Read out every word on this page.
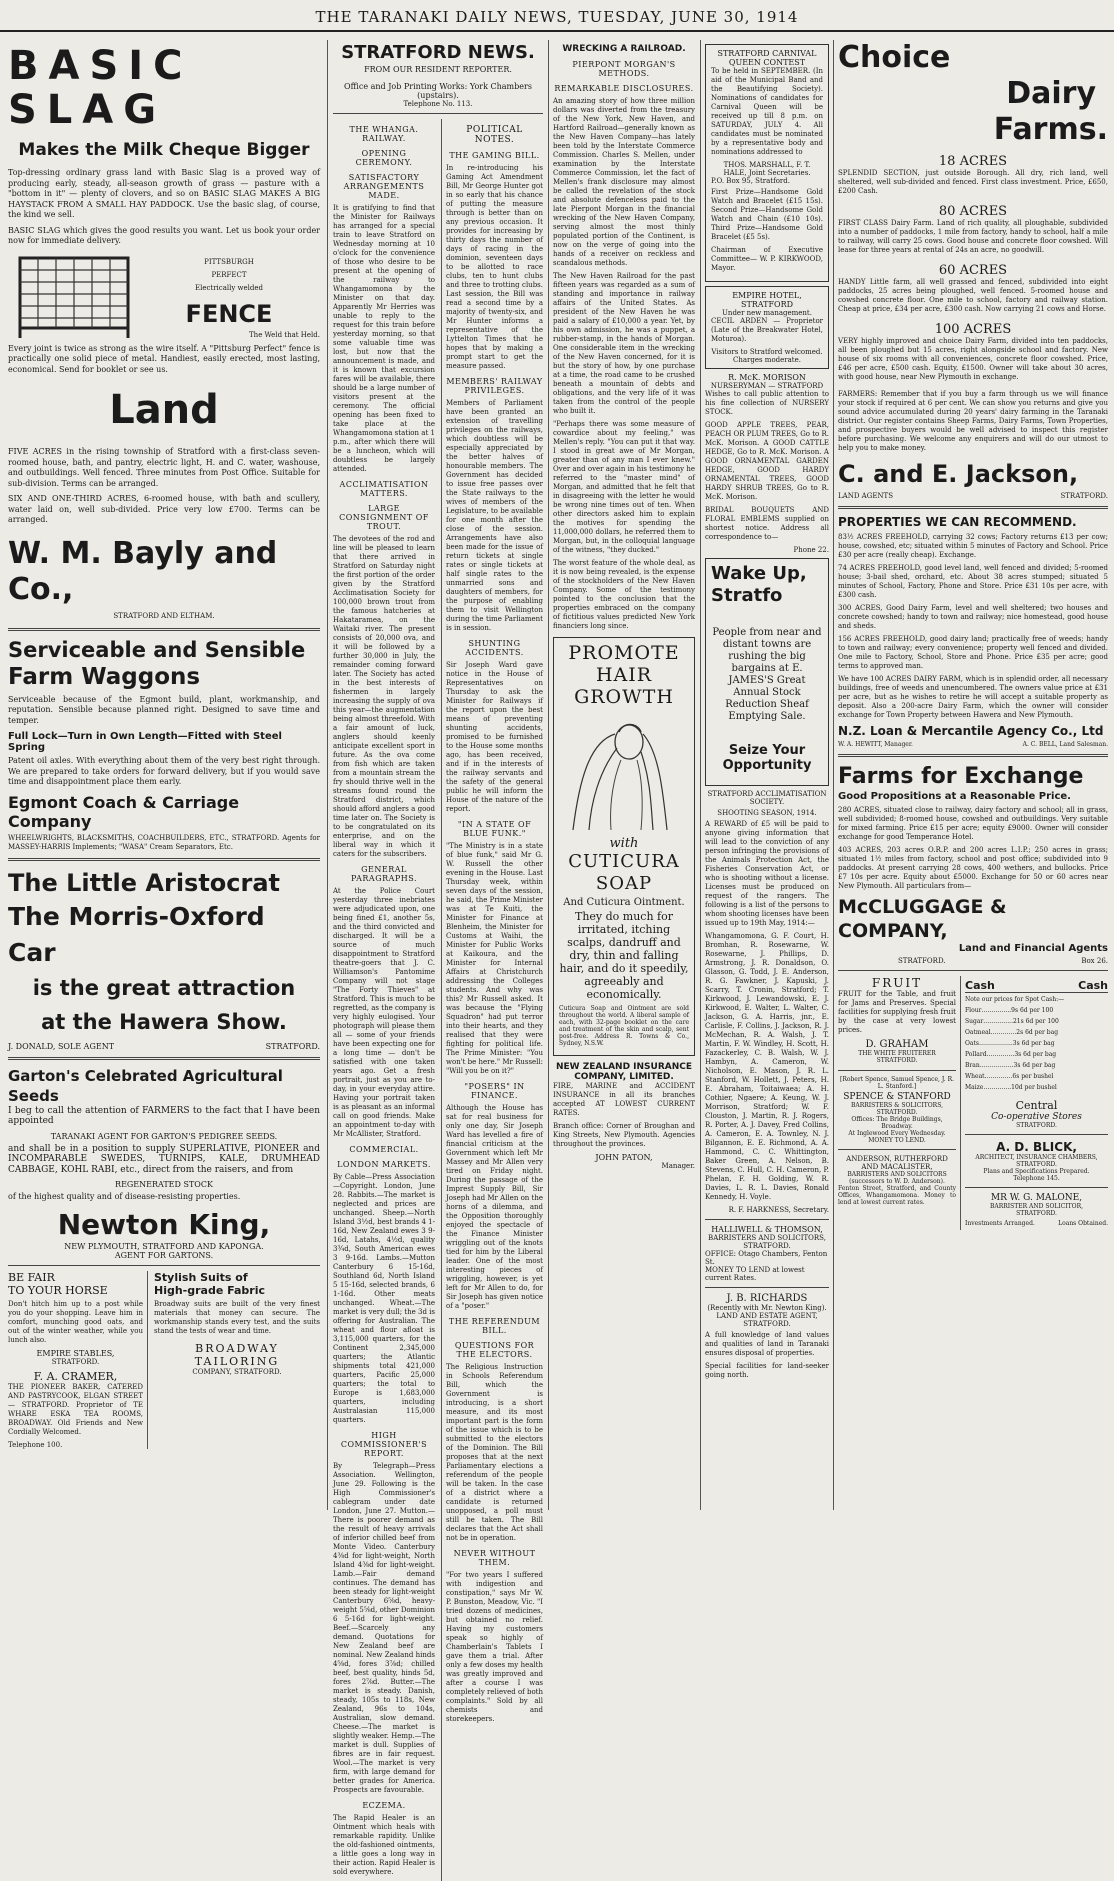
THE TARANAKI DAILY NEWS, TUESDAY, JUNE 30, 1914
BASIC SLAG
Makes the Milk Cheque Bigger

Top-dressing ordinary grass land with Basic Slag is a proved way of producing early, steady, all-season growth of grass — pasture with a "bottom in it" — plenty of clovers, and so on BASIC SLAG MAKES A BIG HAYSTACK FROM A SMALL HAY PADDOCK. Use the basic slag, of course, the kind we sell.

BASIC SLAG which gives the good results you want. Let us book your order now for immediate delivery.

PITTSBURGH
PERFECT
Electrically welded
FENCE
The Weld that Held.

Every joint is twice as strong as the wire itself. A "Pittsburg Perfect" fence is practically one solid piece of metal. Handiest, easily erected, most lasting, economical. Send for booklet or see us.

Land

FIVE ACRES in the rising township of Stratford with a first-class seven-roomed house, bath, and pantry, electric light, H. and C. water, washouse, and outbuildings. Well fenced. Three minutes from Post Office. Suitable for sub-division. Terms can be arranged.

SIX AND ONE-THIRD ACRES, 6-roomed house, with bath and scullery, water laid on, well sub-divided. Price very low £700. Terms can be arranged.

W. M. Bayly and Co.,
STRATFORD AND ELTHAM.
Serviceable and Sensible
Farm Waggons

Serviceable because of the Egmont build, plant, workmanship, and reputation. Sensible because planned right. Designed to save time and temper.

Full Lock—Turn in Own Length—Fitted with Steel Spring

Patent oil axles. With everything about them of the very best right through. We are prepared to take orders for forward delivery, but if you would save time and disappointment place them early.

Egmont Coach & Carriage Company

WHEELWRIGHTS, BLACKSMITHS, COACHBUILDERS, ETC., STRATFORD. Agents for MASSEY-HARRIS Implements; "WASA" Cream Separators, Etc.

The Little Aristocrat
The Morris-Oxford Car
is the great attraction
at the Hawera Show.
J. DONALD, SOLE AGENT	STRATFORD.
Garton's Celebrated Agricultural Seeds

I beg to call the attention of FARMERS to the fact that I have been appointed

TARANAKI AGENT FOR GARTON'S PEDIGREE SEEDS.

and shall be in a position to supply SUPERLATIVE, PIONEER and INCOMPARABLE SWEDES, TURNIPS, KALE, DRUMHEAD CABBAGE, KOHL RABI, etc., direct from the raisers, and from

REGENERATED STOCK

of the highest quality and of disease-resisting properties.

Newton King,
NEW PLYMOUTH, STRATFORD AND KAPONGA.
AGENT FOR GARTONS.
BE FAIR
TO YOUR HORSE

Don't hitch him up to a post while you do your shopping. Leave him in comfort, munching good oats, and out of the winter weather, while you lunch also.

EMPIRE STABLES,
STRATFORD.
F. A. CRAMER,

THE PIONEER BAKER, CATERED AND PASTRYCOOK, ELGAN STREET — STRATFORD. Proprietor of TE WHARE ESKA TEA ROOMS, BROADWAY. Old Friends and New Cordially Welcomed.

Telephone 100.
Stylish Suits of
High-grade Fabric

Broadway suits are built of the very finest materials that money can secure. The workmanship stands every test, and the suits stand the tests of wear and time.

BROADWAY
TAILORING
COMPANY, STRATFORD.
STRATFORD NEWS.
FROM OUR RESIDENT REPORTER.
Office and Job Printing Works: York Chambers (upstairs).
Telephone No. 113.
THE WHANGA. RAILWAY.
OPENING CEREMONY.
SATISFACTORY ARRANGEMENTS MADE.

It is gratifying to find that the Minister for Railways has arranged for a special train to leave Stratford on Wednesday morning at 10 o'clock for the convenience of those who desire to be present at the opening of the railway to Whangamomona by the Minister on that day. Apparently Mr Herries was unable to reply to the request for this train before yesterday morning, so that some valuable time was lost, but now that the announcement is made, and it is known that excursion fares will be available, there should be a large number of visitors present at the ceremony. The official opening has been fixed to take place at the Whangamomona station at 1 p.m., after which there will be a luncheon, which will doubtless be largely attended.

ACCLIMATISATION MATTERS.
LARGE CONSIGNMENT OF TROUT.

The devotees of the rod and line will be pleased to learn that there arrived in Stratford on Saturday night the first portion of the order given by the Stratford Acclimatisation Society for 100,000 brown trout from the famous hatcheries at Hakataramea, on the Waitaki river. The present consists of 20,000 ova, and it will be followed by a further 30,000 in July, the remainder coming forward later. The Society has acted in the best interests of fishermen in largely increasing the supply of ova this year—the augmentation being almost threefold. With a fair amount of luck, anglers should keenly anticipate excellent sport in future. As the ova come from fish which are taken from a mountain stream the fry should thrive well in the streams found round the Stratford district, which should afford anglers a good time later on. The Society is to be congratulated on its enterprise, and on the liberal way in which it caters for the subscribers.

GENERAL PARAGRAPHS.

At the Police Court yesterday three inebriates were adjudicated upon, one being fined £1, another 5s, and the third convicted and discharged. It will be a source of much disappointment to Stratford theatre-goers that J. C. Williamson's Pantomime Company will not stage "The Forty Thieves" at Stratford. This is much to be regretted, as the company is very highly eulogised. Your photograph will please them all — some of your friends have been expecting one for a long time — don't be satisfied with one taken years ago. Get a fresh portrait, just as you are to-day, in your everyday attire. Having your portrait taken is as pleasant as an informal call on good friends. Make an appointment to-day with Mr McAllister, Stratford.

COMMERCIAL.
LONDON MARKETS.

By Cable—Press Association—Copyright. London, June 28. Rabbits.—The market is neglected and prices are unchanged. Sheep.—North Island 3½d, best brands 4 1-16d, New Zealand ewes 3 9-16d, Latahs, 4½d, quality 3¾d, South American ewes 3 9-16d. Lambs.—Mutton Canterbury 6 15-16d, Southland 6d, North Island 5 15-16d, selected brands, 6 1-16d. Other meats unchanged. Wheat.—The market is very dull; the 3d is offering for Australian. The wheat and flour afloat is 3,115,000 quarters, for the Continent 2,345,000 quarters; the Atlantic shipments total 421,000 quarters, Pacific 25,000 quarters; the total to Europe is 1,683,000 quarters, including Australasian 115,000 quarters.

HIGH COMMISSIONER'S REPORT.

By Telegraph—Press Association. Wellington, June 29. Following is the High Commissioner's cablegram under date London, June 27. Mutton.—There is poorer demand as the result of heavy arrivals of inferior chilled beef from Monte Video. Canterbury 4⅜d for light-weight, North Island 4⅜d for light-weight. Lamb.—Fair demand continues. The demand has been steady for light-weight Canterbury 6⅝d, heavy-weight 5⅝d, other Dominion 6 5-16d for light-weight. Beef.—Scarcely any demand. Quotations for New Zealand beef are nominal. New Zealand hinds 4⅝d, fores 3⅞d; chilled beef, best quality, hinds 5d, fores 2⅞d. Butter.—The market is steady. Danish, steady, 105s to 118s, New Zealand, 96s to 104s, Australian, slow demand. Cheese.—The market is slightly weaker. Hemp.—The market is dull. Supplies of fibres are in fair request. Wool.—The market is very firm, with large demand for better grades for America. Prospects are favourable.

ECZEMA.

The Rapid Healer is an Ointment which heals with remarkable rapidity. Unlike the old-fashioned ointments, a little goes a long way in their action. Rapid Healer is sold everywhere.

POLITICAL NOTES.
THE GAMING BILL.

In re-introducing his Gaming Act Amendment Bill, Mr George Hunter got in so early that his chance of putting the measure through is better than on any previous occasion. It provides for increasing by thirty days the number of days of racing in the dominion, seventeen days to be allotted to race clubs, ten to hunt clubs and three to trotting clubs. Last session, the Bill was read a second time by a majority of twenty-six, and Mr Hunter informs a representative of the Lyttelton Times that he hopes that by making a prompt start to get the measure passed.

MEMBERS' RAILWAY PRIVILEGES.

Members of Parliament have been granted an extension of travelling privileges on the railways, which doubtless will be especially appreciated by the better halves of honourable members. The Government has decided to issue free passes over the State railways to the wives of members of the Legislature, to be available for one month after the close of the session. Arrangements have also been made for the issue of return tickets at single rates or single tickets at half single rates to the unmarried sons and daughters of members, for the purpose of enabling them to visit Wellington during the time Parliament is in session.

SHUNTING ACCIDENTS.

Sir Joseph Ward gave notice in the House of Representatives on Thursday to ask the Minister for Railways if the report upon the best means of preventing shunting accidents, promised to be furnished to the House some months ago, has been received, and if in the interests of the railway servants and the safety of the general public he will inform the House of the nature of the report.

"IN A STATE OF BLUE FUNK."

"The Ministry is in a state of blue funk," said Mr G. W. Russell the other evening in the House. Last Thursday week, within seven days of the session, he said, the Prime Minister was at Te Kuiti, the Minister for Finance at Blenheim, the Minister for Customs at Waihi, the Minister for Public Works at Kaikoura, and the Minister for Internal Affairs at Christchurch addressing the Colleges students. And why was this? Mr Russell asked. It was because the "Flying Squadron" had put terror into their hearts, and they realised that they were fighting for political life. The Prime Minister: "You won't be here." Mr Russell: "Will you be on it?"

"POSERS" IN FINANCE.

Although the House has sat for real business for only one day, Sir Joseph Ward has levelled a fire of financial criticism at the Government which left Mr Massey and Mr Allen very tired on Friday night. During the passage of the Imprest Supply Bill, Sir Joseph had Mr Allen on the horns of a dilemma, and the Opposition thoroughly enjoyed the spectacle of the Finance Minister wriggling out of the knots tied for him by the Liberal leader. One of the most interesting pieces of wriggling, however, is yet left for Mr Allen to do, for Sir Joseph has given notice of a "poser."

THE REFERENDUM BILL.
QUESTIONS FOR THE ELECTORS.

The Religious Instruction in Schools Referendum Bill, which the Government is introducing, is a short measure, and its most important part is the form of the issue which is to be submitted to the electors of the Dominion. The Bill proposes that at the next Parliamentary elections a referendum of the people will be taken. In the case of a district where a candidate is returned unopposed, a poll must still be taken. The Bill declares that the Act shall not be in operation.

NEVER WITHOUT THEM.

"For two years I suffered with indigestion and constipation," says Mr W. P. Bunston, Meadow, Vic. "I tried dozens of medicines, but obtained no relief. Having my customers speak so highly of Chamberlain's Tablets I gave them a trial. After only a few doses my health was greatly improved and after a course I was completely relieved of both complaints." Sold by all chemists and storekeepers.

WRECKING A RAILROAD.
PIERPONT MORGAN'S METHODS.
REMARKABLE DISCLOSURES.

An amazing story of how three million dollars was diverted from the treasury of the New York, New Haven, and Hartford Railroad—generally known as the New Haven Company—has lately been told by the Interstate Commerce Commission. Charles S. Mellen, under examination by the Interstate Commerce Commission, let the fact of Mellen's frank disclosure may almost be called the revelation of the stock and absolute defenceless paid to the late Pierpont Morgan in the financial wrecking of the New Haven Company, serving almost the most thinly populated portion of the Continent, is now on the verge of going into the hands of a receiver on reckless and scandalous methods.

The New Haven Railroad for the past fifteen years was regarded as a sum of standing and importance in railway affairs of the United States. As president of the New Haven he was paid a salary of £10,000 a year. Yet, by his own admission, he was a puppet, a rubber-stamp, in the hands of Morgan. One considerable item in the wrecking of the New Haven concerned, for it is but the story of how, by one purchase at a time, the road came to be crushed beneath a mountain of debts and obligations, and the very life of it was taken from the control of the people who built it.

"Perhaps there was some measure of cowardice about my feeling," was Mellen's reply. "You can put it that way. I stood in great awe of Mr Morgan, greater than of any man I ever knew." Over and over again in his testimony he referred to the "master mind" of Morgan, and admitted that he felt that in disagreeing with the letter he would be wrong nine times out of ten. When other directors asked him to explain the motives for spending the 11,000,000 dollars, he referred them to Morgan, but, in the colloquial language of the witness, "they ducked."

The worst feature of the whole deal, as it is now being revealed, is the expense of the stockholders of the New Haven Company. Some of the testimony pointed to the conclusion that the properties embraced on the company of fictitious values predicted New York financiers long since.

PROMOTE HAIR GROWTH
with
CUTICURA SOAP
And Cuticura Ointment.

They do much for irritated, itching scalps, dandruff and dry, thin and falling hair, and do it speedily, agreeably and economically.

Cuticura Soap and Ointment are sold throughout the world. A liberal sample of each, with 32-page booklet on the care and treatment of the skin and scalp, sent post-free. Address R. Towns & Co., Sydney, N.S.W.

NEW ZEALAND INSURANCE COMPANY, LIMITED.

FIRE, MARINE and ACCIDENT INSURANCE in all its branches accepted AT LOWEST CURRENT RATES.

Branch office: Corner of Broughan and King Streets, New Plymouth. Agencies throughout the provinces.

JOHN PATON,
Manager.
STRATFORD CARNIVAL QUEEN CONTEST

To be held in SEPTEMBER. (In aid of the Municipal Band and the Beautifying Society). Nominations of candidates for Carnival Queen will be received up till 8 p.m. on SATURDAY, JULY 4. All candidates must be nominated by a representative body and nominations addressed to

THOS. MARSHALL, F. T. HALE, Joint Secretaries.
P.O. Box 95, Stratford.

First Prize—Handsome Gold Watch and Bracelet (£15 15s). Second Prize—Handsome Gold Watch and Chain (£10 10s). Third Prize—Handsome Gold Bracelet (£5 5s).

Chairman of Executive Committee— W. P. KIRKWOOD, Mayor.

EMPIRE HOTEL, STRATFORD
Under new management.

CECIL ARDEN — Proprietor (Late of the Breakwater Hotel, Moturoa).

Visitors to Stratford welcomed.
Charges moderate.
R. McK. MORISON
NURSERYMAN — STRATFORD

Wishes to call public attention to his fine collection of NURSERY STOCK.

GOOD APPLE TREES, PEAR, PEACH OR PLUM TREES, Go to R. McK. Morison. A GOOD CATTLE HEDGE, Go to R. McK. Morison. A GOOD ORNAMENTAL GARDEN HEDGE, GOOD HARDY ORNAMENTAL TREES, GOOD HARDY SHRUB TREES, Go to R. McK. Morison.

BRIDAL BOUQUETS AND FLORAL EMBLEMS supplied on shortest notice. Address all correspondence to—

Phone 22.
Wake Up,
Stratfo

People from near and distant towns are rushing the big bargains at E. JAMES'S Great Annual Stock Reduction Sheaf Emptying Sale.

Seize Your
Opportunity
STRATFORD ACCLIMATISATION SOCIETY.
SHOOTING SEASON, 1914.

A REWARD of £5 will be paid to anyone giving information that will lead to the conviction of any person infringing the provisions of the Animals Protection Act, the Fisheries Conservation Act, or who is shooting without a license. Licenses must be produced on request of the rangers. The following is a list of the persons to whom shooting licenses have been issued up to 19th May, 1914:—

Whangamomona, G. F. Court, H. Bromhan, R. Rosewarne, W. Rosewarne, J. Phillips, D. Armstrong, J. R. Donaldson, O. Glasson, G. Todd, J. E. Anderson, R. G. Fawkner, J. Kapuski, J. Scarry, T. Cronin, Stratford; T. Kirkwood, J. Lewandowski, E. J. Kirkwood, E. Walter, L. Walter, C. Jackson, G. A. Harris, jnr., E. Carlisle, F. Collins, J. Jackson, R. J. McMechan, R. A. Walsh, J. T. Martin, F. W. Windley, H. Scott, H. Fazackerley, C. B. Walsh, W. J. Hambyn, A. Cameron, W. Nicholson, E. Mason, J. R. L. Stanford, W. Hollett, J. Peters, H. E. Abraham, Toitaiwaea; A. H. Cothier, Ngaere; A. Keung, W. J. Morrison, Stratford; W. F. Clouston, J. Martin, R. J. Rogers, R. Porter, A. J. Davey, Fred Collins, A. Cameron, E. A. Townley, N. J. Bilgannon, E. E. Richmond, A. A. Hammond, C. C. Whittington, Baker Green, A. Nelson, B. Stevens, C. Hull, C. H. Cameron, P. Phelan, F. H. Golding, W. R. Davies, L. R. L. Davies, Ronald Kennedy, H. Voyle.

R. F. HARKNESS, Secretary.
HALLIWELL & THOMSON,
BARRISTERS AND SOLICITORS, STRATFORD.
OFFICE: Otago Chambers, Fenton St.
MONEY TO LEND at lowest current Rates.
J. B. RICHARDS
(Recently with Mr. Newton King).
LAND AND ESTATE AGENT, STRATFORD.

A full knowledge of land values and qualities of land in Taranaki ensures disposal of properties.

Special facilities for land-seeker going north.

Choice
Dairy
Farms.
18 ACRES

SPLENDID SECTION, just outside Borough. All dry, rich land, well sheltered, well sub-divided and fenced. First class investment. Price, £650, £200 Cash.

80 ACRES

FIRST CLASS Dairy Farm. Land of rich quality, all ploughable, subdivided into a number of paddocks, 1 mile from factory, handy to school, half a mile to railway, will carry 25 cows. Good house and concrete floor cowshed. Will lease for three years at rental of 24s an acre, no goodwill.

60 ACRES

HANDY Little farm, all well grassed and fenced, subdivided into eight paddocks, 25 acres being ploughed, well fenced. 5-roomed house and cowshed concrete floor. One mile to school, factory and railway station. Cheap at price, £34 per acre, £300 cash. Now carrying 21 cows and Horse.

100 ACRES

VERY highly improved and choice Dairy Farm, divided into ten paddocks, all been ploughed but 15 acres, right alongside school and factory. New house of six rooms with all conveniences, concrete floor cowshed. Price, £46 per acre, £500 cash. Equity, £1500. Owner will take about 30 acres, with good house, near New Plymouth in exchange.

FARMERS: Remember that if you buy a farm through us we will finance your stock if required at 6 per cent. We can show you returns and give you sound advice accumulated during 20 years' dairy farming in the Taranaki district. Our register contains Sheep Farms, Dairy Farms, Town Properties, and prospective buyers would be well advised to inspect this register before purchasing. We welcome any enquirers and will do our utmost to help you to make money.

C. and E. Jackson,
LAND AGENTS	STRATFORD.
PROPERTIES WE CAN RECOMMEND.

83½ ACRES FREEHOLD, carrying 32 cows; Factory returns £13 per cow; house, cowshed, etc; situated within 5 minutes of Factory and School. Price £30 per acre (really cheap). Exchange.

74 ACRES FREEHOLD, good level land, well fenced and divided; 5-roomed house; 3-bail shed, orchard, etc. About 38 acres stumped; situated 5 minutes of School, Factory, Phone and Store. Price £31 10s per acre, with £300 cash.

300 ACRES, Good Dairy Farm, level and well sheltered; two houses and concrete cowshed; handy to town and railway; nice homestead, good house and sheds.

156 ACRES FREEHOLD, good dairy land; practically free of weeds; handy to town and railway; every convenience; property well fenced and divided. One mile to Factory, School, Store and Phone. Price £35 per acre; good terms to approved man.

We have 100 ACRES DAIRY FARM, which is in splendid order, all necessary buildings, free of weeds and unencumbered. The owners value price at £31 per acre, but as he wishes to retire he will accept a suitable property as deposit. Also a 200-acre Dairy Farm, which the owner will consider exchange for Town Property between Hawera and New Plymouth.

N.Z. Loan & Mercantile Agency Co., Ltd
W. A. HEWITT, Manager.	A. C. BELL, Land Salesman.
Farms for Exchange
Good Propositions at a Reasonable Price.

280 ACRES, situated close to railway, dairy factory and school; all in grass, well subdivided; 8-roomed house, cowshed and outbuildings. Very suitable for mixed farming. Price £15 per acre; equity £9000. Owner will consider exchange for good Temperance Hotel.

403 ACRES, 203 acres O.R.P. and 200 acres L.I.P.; 250 acres in grass; situated 1½ miles from factory, school and post office; subdivided into 9 paddocks. At present carrying 28 cows, 400 wethers, and bullocks. Price £7 10s per acre. Equity about £5000. Exchange for 50 or 60 acres near New Plymouth. All particulars from—

McCLUGGAGE & COMPANY,
Land and Financial Agents
STRATFORD.	Box 26.
FRUIT

FRUIT for the Table, and fruit for Jams and Preserves. Special facilities for supplying fresh fruit by the case at very lowest prices.

D. GRAHAM
THE WHITE FRUITERER
STRATFORD.
[Robert Spence, Samuel Spence, J. R. L. Stanford.]
SPENCE & STANFORD
BARRISTERS & SOLICITORS, STRATFORD.
Offices: The Bridge Buildings, Broadway.
At Inglewood Every Wednesday.
MONEY TO LEND.
ANDERSON, RUTHERFORD AND MACALISTER,
BARRISTERS AND SOLICITORS (successors to W. D. Anderson).

Fenton Street, Stratford, and County Offices, Whangamomona. Money to lend at lowest current rates.

Cash	Cash
Note our prices for Spot Cash:—
Flour…………...9s 6d per 100
Sugar…………...21s 6d per 100
Oatmeal………....2s 6d per bag
Oats……………..3s 6d per bag
Pollard…………..3s 6d per bag
Bran……………..3s 6d per bag
Wheat…………..6s per bushel
Maize…………..10d per bushel
Central
Co-operative Stores
STRATFORD.
A. D. BLICK,
ARCHITECT, INSURANCE CHAMBERS, STRATFORD.
Plans and Specifications Prepared.
Telephone 145.
MR W. G. MALONE,
BARRISTER AND SOLICITOR,
STRATFORD.
Investments Arranged.	Loans Obtained.
